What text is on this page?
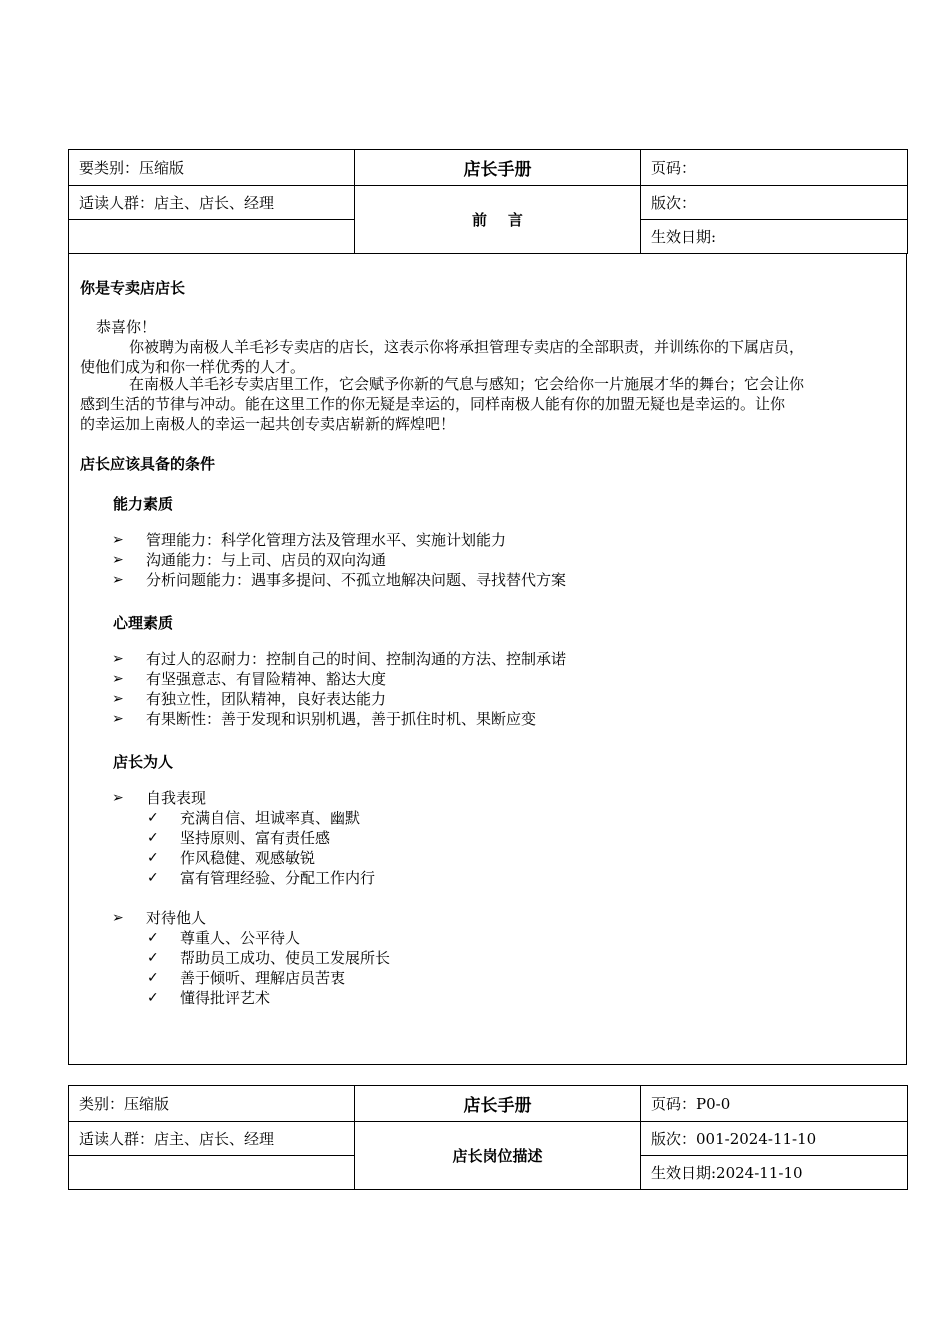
要类别：压缩版	店长手册	页码：
适读人群：店主、店长、经理	前    言	版次：
		生效日期:
你是专卖店店长
恭喜你！
你被聘为南极人羊毛衫专卖店的店长，这表示你将承担管理专卖店的全部职责，并训练你的下属店员，
使他们成为和你一样优秀的人才。
在南极人羊毛衫专卖店里工作，它会赋予你新的气息与感知；它会给你一片施展才华的舞台；它会让你
感到生活的节律与冲动。能在这里工作的你无疑是幸运的，同样南极人能有你的加盟无疑也是幸运的。让你
的幸运加上南极人的幸运一起共创专卖店崭新的辉煌吧！
店长应该具备的条件
能力素质
➢ 管理能力：科学化管理方法及管理水平、实施计划能力
➢ 沟通能力：与上司、店员的双向沟通
➢ 分析问题能力：遇事多提问、不孤立地解决问题、寻找替代方案
心理素质
➢ 有过人的忍耐力：控制自己的时间、控制沟通的方法、控制承诺
➢ 有坚强意志、有冒险精神、豁达大度
➢ 有独立性，团队精神，良好表达能力
➢ 有果断性：善于发现和识别机遇，善于抓住时机、果断应变
店长为人
➢ 自我表现
✓ 充满自信、坦诚率真、幽默
✓ 坚持原则、富有责任感
✓ 作风稳健、观感敏锐
✓ 富有管理经验、分配工作内行
➢ 对待他人
✓ 尊重人、公平待人
✓ 帮助员工成功、使员工发展所长
✓ 善于倾听、理解店员苦衷
✓ 懂得批评艺术
类别：压缩版	店长手册	页码：P0-0
适读人群：店主、店长、经理	店长岗位描述	版次：001-2024-11-10
		生效日期:2024-11-10
